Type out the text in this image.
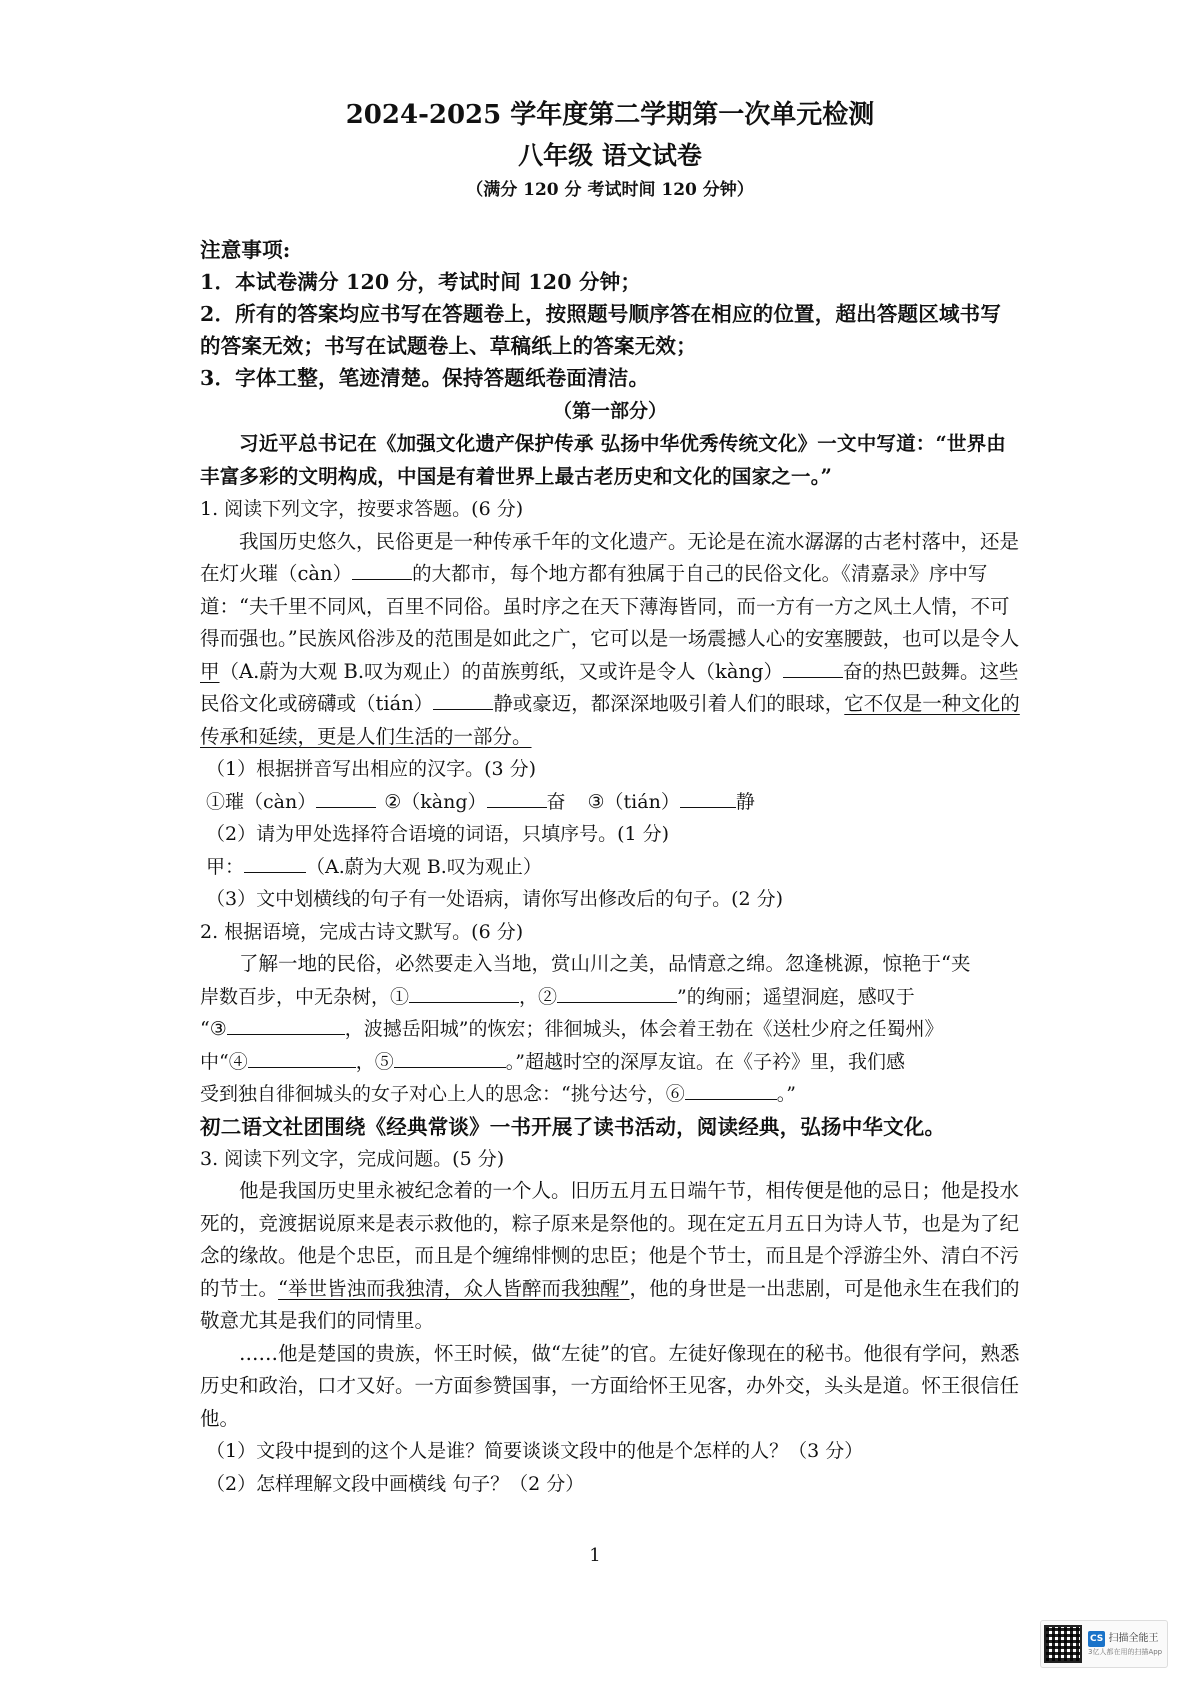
2024-2025 学年度第二学期第一次单元检测
八年级 语文试卷
（满分 120 分 考试时间 120 分钟）
注意事项:
1．本试卷满分 120 分，考试时间 120 分钟；
2．所有的答案均应书写在答题卷上，按照题号顺序答在相应的位置，超出答题区域书写的答案无效；书写在试题卷上、草稿纸上的答案无效；
3．字体工整，笔迹清楚。保持答题纸卷面清洁。
（第一部分）
习近平总书记在《加强文化遗产保护传承 弘扬中华优秀传统文化》一文中写道：“世界由丰富多彩的文明构成，中国是有着世界上最古老历史和文化的国家之一。”
1. 阅读下列文字，按要求答题。(6 分)
我国历史悠久，民俗更是一种传承千年的文化遗产。无论是在流水潺潺的古老村落中，还是在灯火璀（càn）	的大都市，每个地方都有独属于自己的民俗文化。《清嘉录》序中写道：“夫千里不同风，百里不同俗。虽时序之在天下薄海皆同，而一方有一方之风土人情，不可得而强也。”民族风俗涉及的范围是如此之广，它可以是一场震撼人心的安塞腰鼓，也可以是令人甲（A.蔚为大观 B.叹为观止）的苗族剪纸，又或许是令人（kàng）	奋的热巴鼓舞。这些民俗文化或磅礴或（tián）	静或豪迈，都深深地吸引着人们的眼球，它不仅是一种文化的传承和延续，更是人们生活的一部分。
（1）根据拼音写出相应的汉字。(3 分)
①璀（càn）	②（kàng）	奋 ③（tián）	静
（2）请为甲处选择符合语境的词语，只填序号。(1 分)
甲：	（A.蔚为大观 B.叹为观止）
（3）文中划横线的句子有一处语病，请你写出修改后的句子。(2 分)
2. 根据语境，完成古诗文默写。(6 分)
了解一地的民俗，必然要走入当地，赏山川之美，品情意之绵。忽逢桃源，惊艳于“夹
岸数百步，中无杂树，①	，②	”的绚丽；遥望洞庭，感叹于
“③	，波撼岳阳城”的恢宏；徘徊城头，体会着王勃在《送杜少府之任蜀州》
中“④	，⑤	。”超越时空的深厚友谊。在《子衿》里，我们感
受到独自徘徊城头的女子对心上人的思念：“挑兮达兮，⑥	。”
初二语文社团围绕《经典常谈》一书开展了读书活动，阅读经典，弘扬中华文化。
3. 阅读下列文字，完成问题。(5 分)
他是我国历史里永被纪念着的一个人。旧历五月五日端午节，相传便是他的忌日；他是投水死的，竞渡据说原来是表示救他的，粽子原来是祭他的。现在定五月五日为诗人节，也是为了纪念的缘故。他是个忠臣，而且是个缠绵悱恻的忠臣；他是个节士，而且是个浮游尘外、清白不污的节士。“举世皆浊而我独清，众人皆醉而我独醒”，他的身世是一出悲剧，可是他永生在我们的敬意尤其是我们的同情里。
……他是楚国的贵族，怀王时候，做“左徒”的官。左徒好像现在的秘书。他很有学问，熟悉历史和政治，口才又好。一方面参赞国事，一方面给怀王见客，办外交，头头是道。怀王很信任他。
（1）文段中提到的这个人是谁？简要谈谈文段中的他是个怎样的人？（3 分）
（2）怎样理解文段中画横线 句子？（2 分）
1
CS 扫描全能王
3亿人都在用的扫描App
